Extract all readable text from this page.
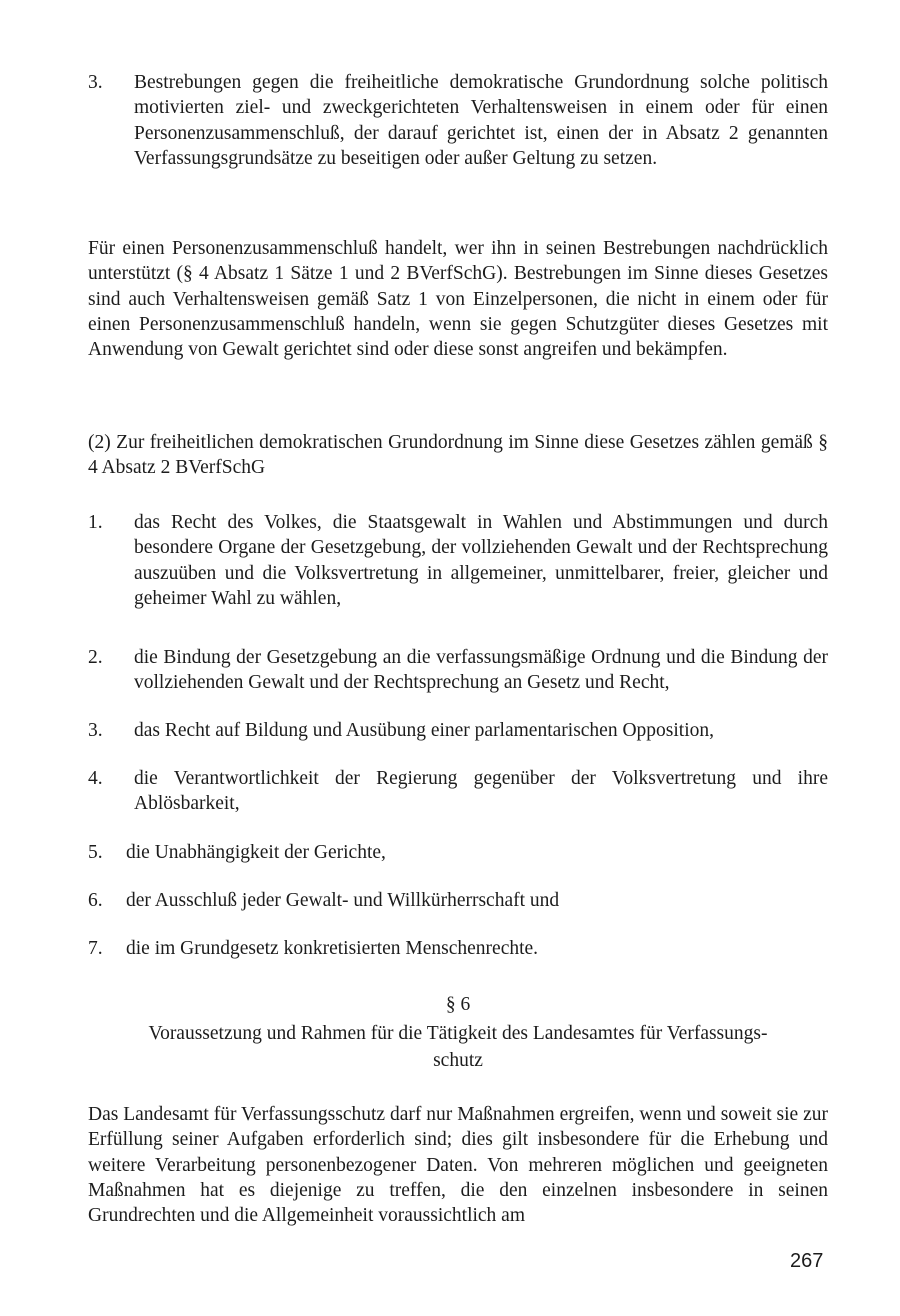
3.	Bestrebungen gegen die freiheitliche demokratische Grundordnung solche politisch motivierten ziel- und zweckgerichteten Verhaltensweisen in einem oder für einen Personenzusammenschluß, der darauf gerichtet ist, einen der in Absatz 2 genannten Verfassungsgrundsätze zu beseitigen oder außer Geltung zu setzen.
Für einen Personenzusammenschluß handelt, wer ihn in seinen Bestrebungen nachdrücklich unterstützt (§ 4 Absatz 1 Sätze 1 und 2 BVerfSchG). Bestrebungen im Sinne dieses Gesetzes sind auch Verhaltensweisen gemäß Satz 1 von Einzelpersonen, die nicht in einem oder für einen Personenzusammenschluß handeln, wenn sie gegen Schutzgüter dieses Gesetzes mit Anwendung von Gewalt gerichtet sind oder diese sonst angreifen und bekämpfen.
(2) Zur freiheitlichen demokratischen Grundordnung im Sinne diese Gesetzes zählen gemäß § 4 Absatz 2 BVerfSchG
1.	das Recht des Volkes, die Staatsgewalt in Wahlen und Abstimmungen und durch besondere Organe der Gesetzgebung, der vollziehenden Gewalt und der Rechtsprechung auszuüben und die Volksvertretung in allgemeiner, unmittelbarer, freier, gleicher und geheimer Wahl zu wählen,
2.	die Bindung der Gesetzgebung an die verfassungsmäßige Ordnung und die Bindung der vollziehenden Gewalt und der Rechtsprechung an Gesetz und Recht,
3.	das Recht auf Bildung und Ausübung einer parlamentarischen Opposition,
4.	die Verantwortlichkeit der Regierung gegenüber der Volksvertretung und ihre Ablösbarkeit,
5.	die Unabhängigkeit der Gerichte,
6.	der Ausschluß jeder Gewalt- und Willkürherrschaft und
7.	die im Grundgesetz konkretisierten Menschenrechte.
§ 6
Voraussetzung und Rahmen für die Tätigkeit des Landesamtes für Verfassungs-
schutz
Das Landesamt für Verfassungsschutz darf nur Maßnahmen ergreifen, wenn und soweit sie zur Erfüllung seiner Aufgaben erforderlich sind; dies gilt insbesondere für die Erhebung und weitere Verarbeitung personenbezogener Daten. Von mehreren möglichen und geeigneten Maßnahmen hat es diejenige zu treffen, die den einzelnen insbesondere in seinen Grundrechten und die Allgemeinheit voraussichtlich am
267
